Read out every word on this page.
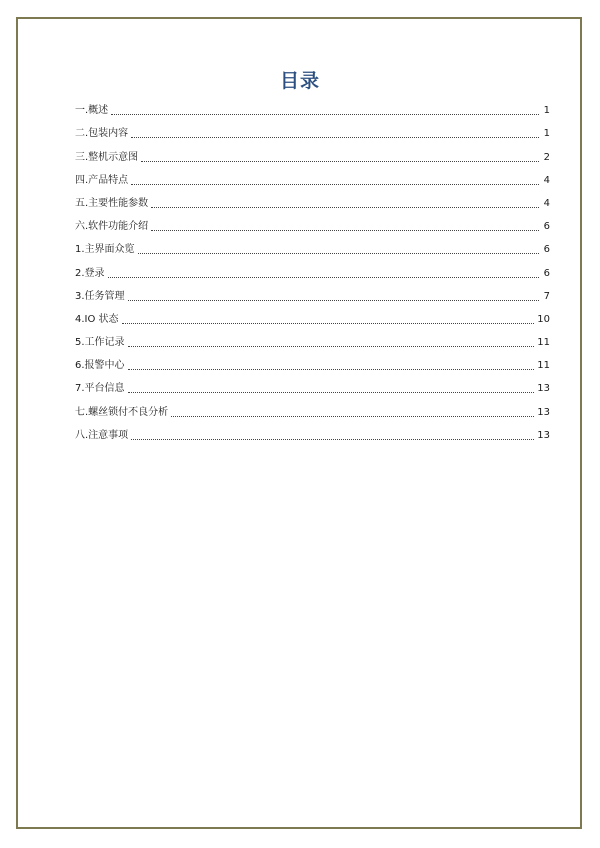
目录
一.概述	1
二.包装内容	1
三.整机示意图	2
四.产品特点	4
五.主要性能参数	4
六.软件功能介绍	6
1.主界面众览	6
2.登录	6
3.任务管理	7
4.IO 状态	10
5.工作记录	11
6.报警中心	11
7.平台信息	13
七.螺丝锁付不良分析	13
八.注意事项	13
